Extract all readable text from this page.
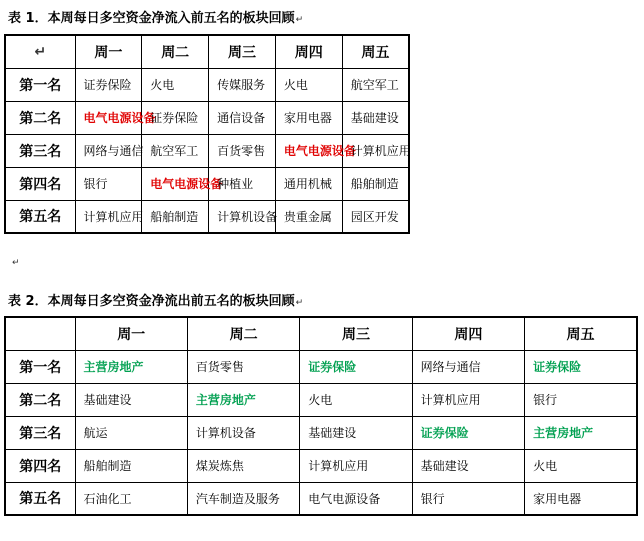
表 1．本周每日多空资金净流入前五名的板块回顾↵
↵	周一	周二	周三	周四	周五
第一名	证券保险	火电	传媒服务	火电	航空军工
第二名	电气电源设备	证券保险	通信设备	家用电器	基础建设
第三名	网络与通信	航空军工	百货零售	电气电源设备	计算机应用
第四名	银行	电气电源设备	种植业	通用机械	船舶制造
第五名	计算机应用	船舶制造	计算机设备	贵重金属	园区开发
↵
表 2．本周每日多空资金净流出前五名的板块回顾↵
	周一	周二	周三	周四	周五
第一名	主营房地产	百货零售	证券保险	网络与通信	证券保险
第二名	基础建设	主营房地产	火电	计算机应用	银行
第三名	航运	计算机设备	基础建设	证券保险	主营房地产
第四名	船舶制造	煤炭炼焦	计算机应用	基础建设	火电
第五名	石油化工	汽车制造及服务	电气电源设备	银行	家用电器
